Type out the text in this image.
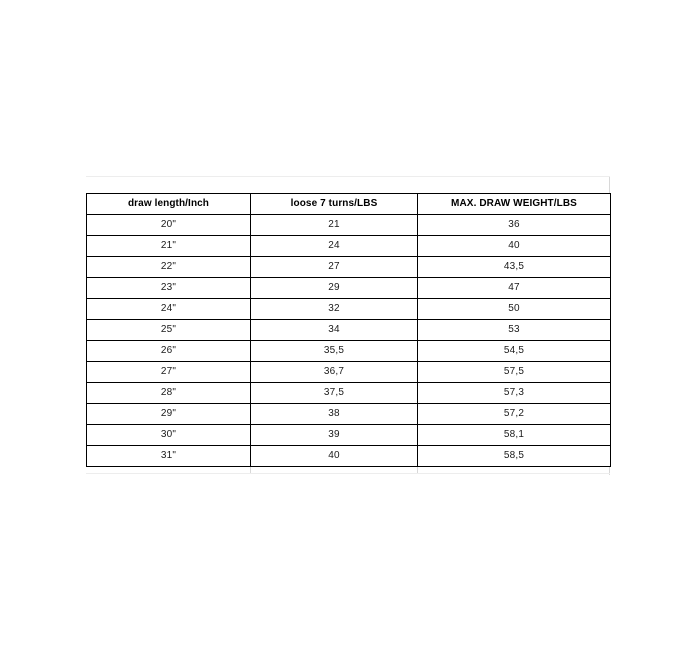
draw length/Inch	loose 7 turns/LBS	MAX. DRAW WEIGHT/LBS
20"	21	36
21"	24	40
22"	27	43,5
23"	29	47
24"	32	50
25"	34	53
26"	35,5	54,5
27"	36,7	57,5
28"	37,5	57,3
29"	38	57,2
30"	39	58,1
31"	40	58,5
